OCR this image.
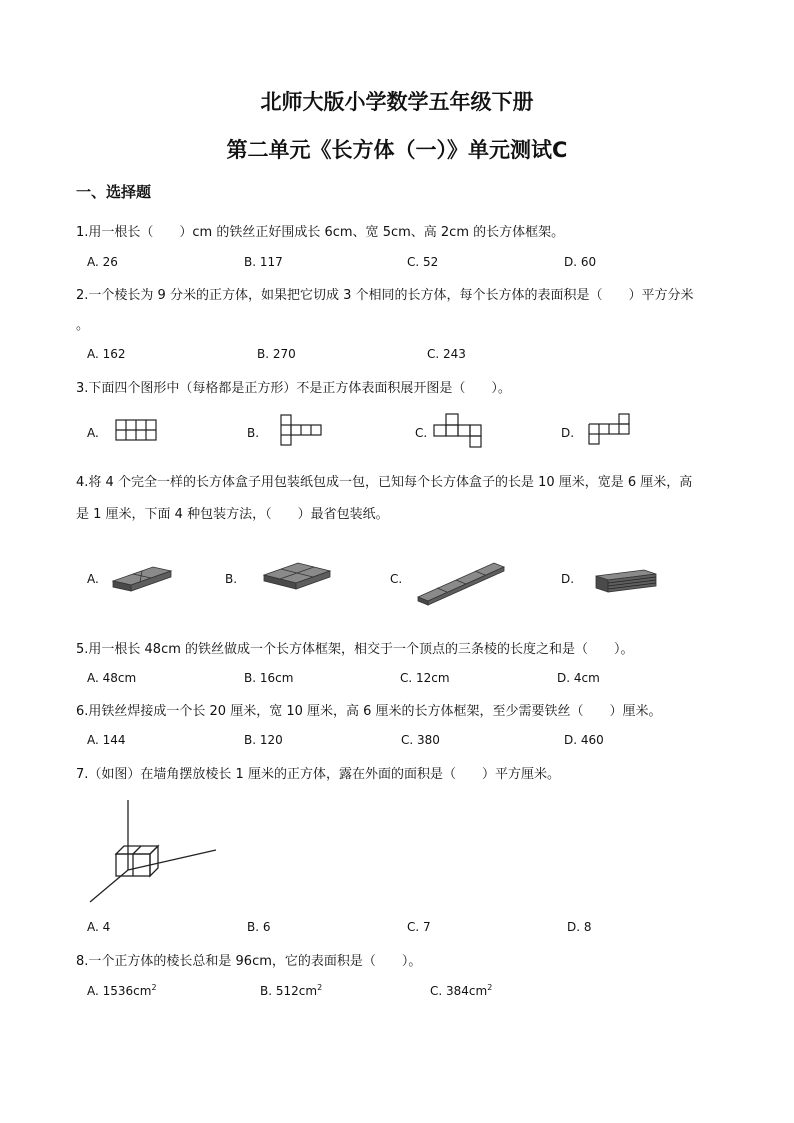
北师大版小学数学五年级下册
第二单元《长方体（一）》单元测试C
一、选择题
1.用一根长（　　）cm 的铁丝正好围成长 6cm、宽 5cm、高 2cm 的长方体框架。
A. 26	B. 117	C. 52	D. 60
2.一个棱长为 9 分米的正方体，如果把它切成 3 个相同的长方体，每个长方体的表面积是（　　）平方分米
。
A. 162	B. 270	C. 243
3.下面四个图形中（每格都是正方形）不是正方体表面积展开图是（　　）。
A.	B.	C.	D.
4.将 4 个完全一样的长方体盒子用包装纸包成一包，已知每个长方体盒子的长是 10 厘米，宽是 6 厘米，高
是 1 厘米，下面 4 种包装方法，（　　）最省包装纸。
A.	B.	C.	D.
5.用一根长 48cm 的铁丝做成一个长方体框架，相交于一个顶点的三条棱的长度之和是（　　）。
A. 48cm	B. 16cm	C. 12cm	D. 4cm
6.用铁丝焊接成一个长 20 厘米，宽 10 厘米，高 6 厘米的长方体框架，至少需要铁丝（　　）厘米。
A. 144	B. 120	C. 380	D. 460
7.（如图）在墙角摆放棱长 1 厘米的正方体，露在外面的面积是（　　）平方厘米。
A. 4	B. 6	C. 7	D. 8
8.一个正方体的棱长总和是 96cm，它的表面积是（　　）。
A. $1536cm^2$	B. $512cm^2$	C. $384cm^2$
